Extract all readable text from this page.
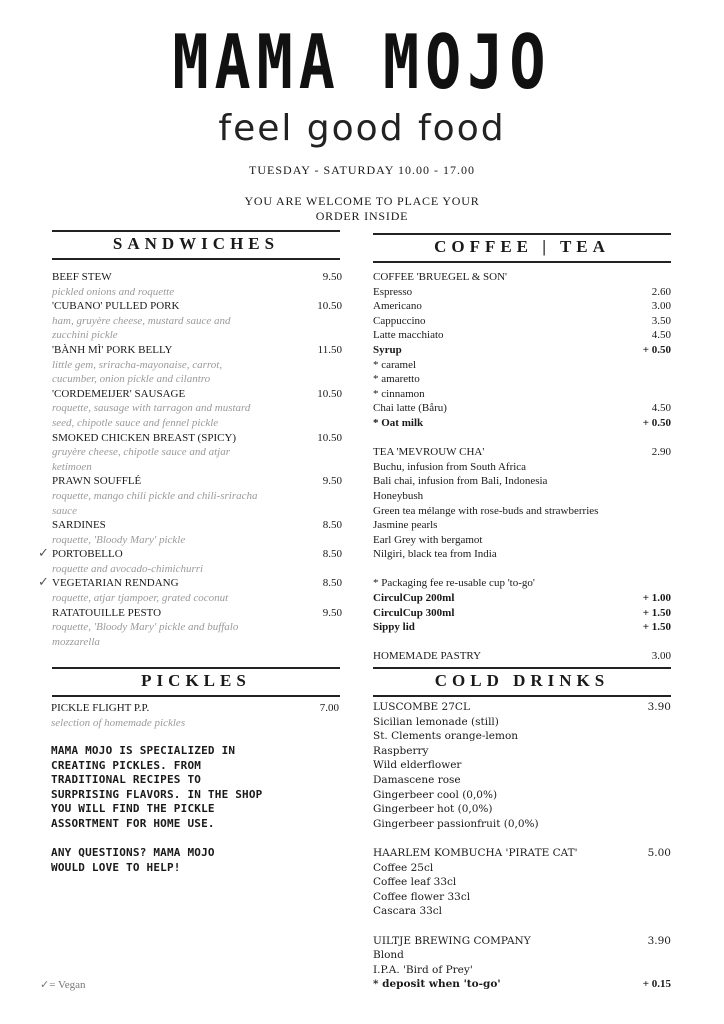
MAMA MOJO
feel good food
TUESDAY - SATURDAY 10.00 - 17.00
YOU ARE WELCOME TO PLACE YOUR
ORDER INSIDE
SANDWICHES	COFFEE | TEA
PICKLES	COLD DRINKS
BEEF STEW	9.50
pickled onions and roquette
'CUBANO' PULLED PORK	10.50
ham, gruyère cheese, mustard sauce and
zucchini pickle
'BÀNH MÌ' PORK BELLY	11.50
little gem, sriracha-mayonaise, carrot,
cucumber, onion pickle and cilantro
'CORDEMEIJER' SAUSAGE	10.50
roquette, sausage with tarragon and mustard
seed, chipotle sauce and fennel pickle
SMOKED CHICKEN BREAST (SPICY)	10.50
gruyère cheese, chipotle sauce and atjar
ketimoen
PRAWN SOUFFLÉ	9.50
roquette, mango chili pickle and chili-sriracha
sauce
SARDINES	8.50
roquette, 'Bloody Mary' pickle
✓ PORTOBELLO	8.50
roquette and avocado-chimichurri
✓ VEGETARIAN RENDANG	8.50
roquette, atjar tjampoer, grated coconut
RATATOUILLE PESTO	9.50
roquette, 'Bloody Mary' pickle and buffalo
mozzarella
PICKLE FLIGHT P.P.	7.00
selection of homemade pickles

MAMA MOJO IS SPECIALIZED IN
CREATING PICKLES. FROM
TRADITIONAL RECIPES TO
SURPRISING FLAVORS. IN THE SHOP
YOU WILL FIND THE PICKLE
ASSORTMENT FOR HOME USE.

ANY QUESTIONS? MAMA MOJO
WOULD LOVE TO HELP!

COFFEE 'BRUEGEL & SON'
Espresso	2.60
Americano	3.00
Cappuccino	3.50
Latte macchiato	4.50
Syrup	+ 0.50
* caramel
* amaretto
* cinnamon
Chai latte (Båru)	4.50
* Oat milk	+ 0.50
TEA 'MEVROUW CHA'	2.90
Buchu, infusion from South Africa
Bali chai, infusion from Bali, Indonesia
Honeybush
Green tea mélange with rose-buds and strawberries
Jasmine pearls
Earl Grey with bergamot
Nilgiri, black tea from India
* Packaging fee re-usable cup 'to-go'
CirculCup 200ml	+ 1.00
CirculCup 300ml	+ 1.50
Sippy lid	+ 1.50
HOMEMADE PASTRY	3.00
LUSCOMBE 27CL	3.90
Sicilian lemonade (still)
St. Clements orange-lemon
Raspberry
Wild elderflower
Damascene rose
Gingerbeer cool (0,0%)
Gingerbeer hot (0,0%)
Gingerbeer passionfruit (0,0%)
HAARLEM KOMBUCHA 'PIRATE CAT'	5.00
Coffee 25cl
Coffee leaf 33cl
Coffee flower 33cl
Cascara 33cl
UILTJE BREWING COMPANY	3.90
Blond
I.P.A. 'Bird of Prey'
* deposit when 'to-go'	+ 0.15
✓= Vegan
